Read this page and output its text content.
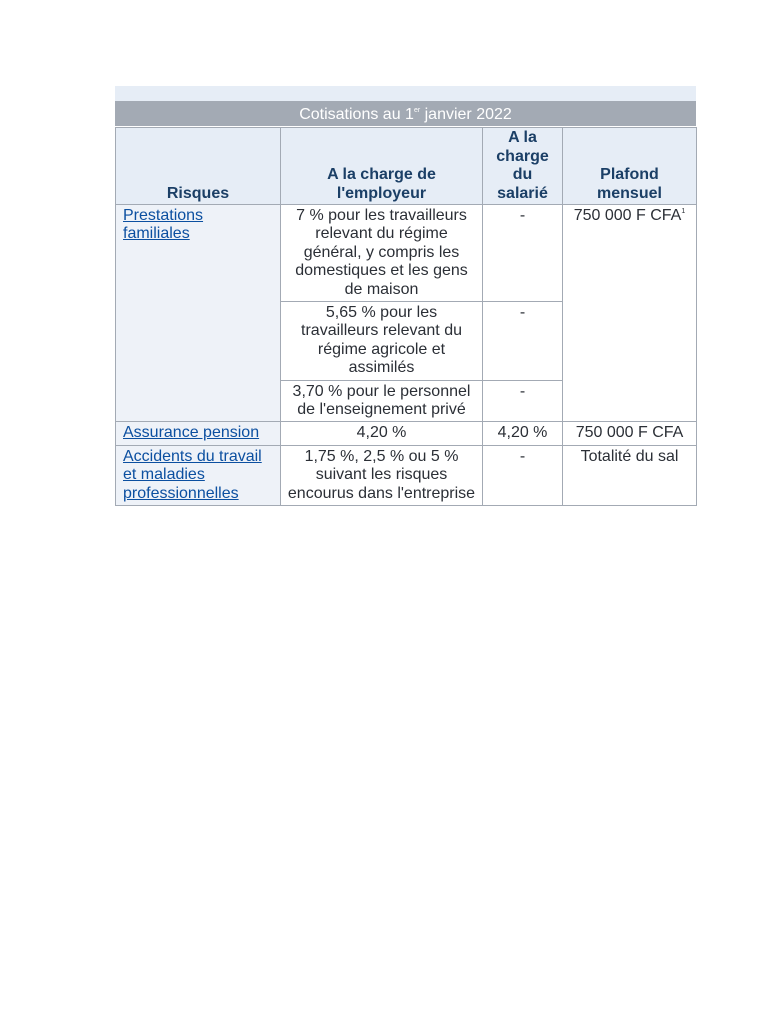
Cotisations au 1er janvier 2022
Risques	A la charge de l'employeur	A la charge du salarié	Plafond mensuel
Prestations familiales	7 % pour les travailleurs relevant du régime général, y compris les domestiques et les gens de maison	-	750 000 F CFA$^1$
	5,65 % pour les travailleurs relevant du régime agricole et assimilés	-	
	3,70 % pour le personnel de l'enseignement privé	-	
Assurance pension	4,20 %	4,20 %	750 000 F CFA
Accidents du travail et maladies professionnelles	1,75 %, 2,5 % ou 5 % suivant les risques encourus dans l'entreprise	-	Totalité du sal
